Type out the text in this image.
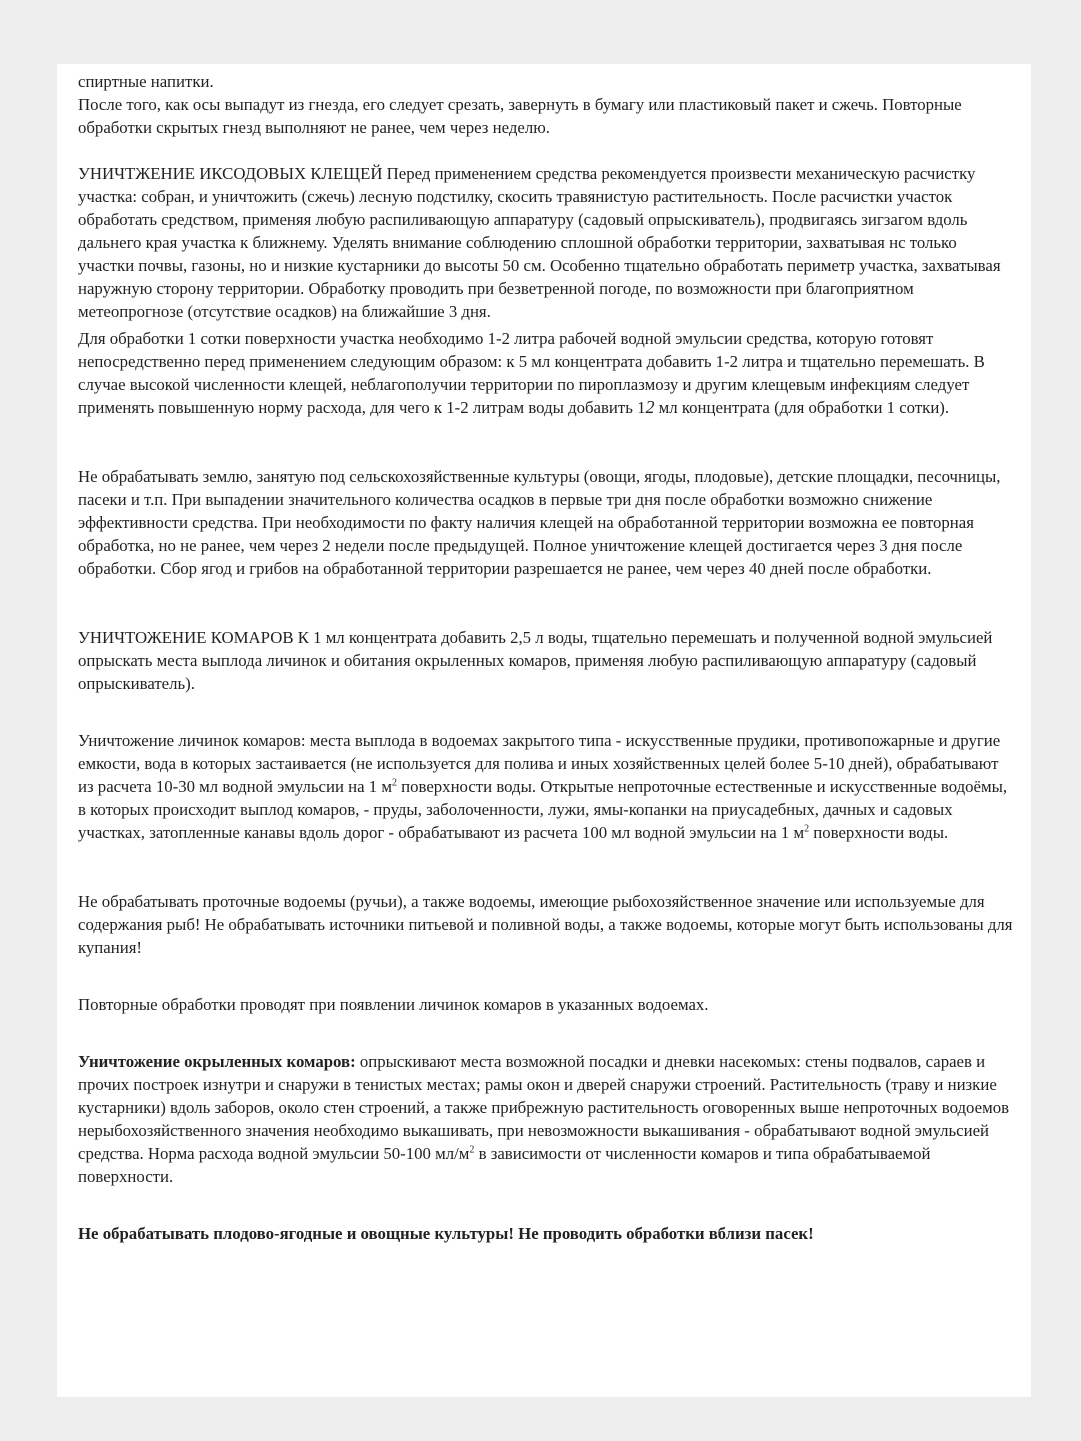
спиртные напитки.
После того, как осы выпадут из гнезда, его следует срезать, завернуть в бумагу или пластиковый пакет и сжечь. Повторные обработки скрытых гнезд выполняют не ранее, чем через неделю.

УНИЧТЖЕНИЕ ИКСОДОВЫХ КЛЕЩЕЙ Перед применением средства рекомендуется произвести механическую расчистку участка: собран, и уничтожить (сжечь) лесную подстилку, скосить травянистую растительность. После расчистки участок обработать средством, применяя любую распиливающую аппаратуру (садовый опрыскиватель), продвигаясь зигзагом вдоль дальнего края участка к ближнему. Уделять внимание соблюдению сплошной обработки территории, захватывая нс только участки почвы, газоны, но и низкие кустарники до высоты 50 см. Особенно тщательно обработать периметр участка, захватывая наружную сторону территории. Обработку проводить при безветренной погоде, по возможности при благоприятном метеопрогнозе (отсутствие осадков) на ближайшие 3 дня.

Для обработки 1 сотки поверхности участка необходимо 1-2 литра рабочей водной эмульсии средства, которую готовят непосредственно перед применением следующим образом: к 5 мл концентрата добавить 1-2 литра и тщательно перемешать. В случае высокой численности клещей, неблагополучии территории по пироплазмозу и другим клещевым инфекциям следует применять повышенную норму расхода, для чего к 1-2 литрам воды добавить 12 мл концентрата (для обработки 1 сотки).

Не обрабатывать землю, занятую под сельскохозяйственные культуры (овощи, ягоды, плодовые), детские площадки, песочницы, пасеки и т.п. При выпадении значительного количества осадков в первые три дня после обработки возможно снижение эффективности средства. При необходимости по факту наличия клещей на обработанной территории возможна ее повторная обработка, но не ранее, чем через 2 недели после предыдущей. Полное уничтожение клещей достигается через 3 дня после обработки. Сбор ягод и грибов на обработанной территории разрешается не ранее, чем через 40 дней после обработки.

УНИЧТОЖЕНИЕ КОМАРОВ К 1 мл концентрата добавить 2,5 л воды, тщательно перемешать и полученной водной эмульсией опрыскать места выплода личинок и обитания окрыленных комаров, применяя любую распиливающую аппаратуру (садовый опрыскиватель).

Уничтожение личинок комаров: места выплода в водоемах закрытого типа - искусственные прудики, противопожарные и другие емкости, вода в которых застаивается (не используется для полива и иных хозяйственных целей более 5-10 дней), обрабатывают из расчета 10-30 мл водной эмульсии на 1 $м^2$ поверхности воды. Открытые непроточные естественные и искусственные водоёмы, в которых происходит выплод комаров, - пруды, заболоченности, лужи, ямы-копанки на приусадебных, дачных и садовых участках, затопленные канавы вдоль дорог - обрабатывают из расчета 100 мл водной эмульсии на 1 $м^2$ поверхности воды.

Не обрабатывать проточные водоемы (ручьи), а также водоемы, имеющие рыбохозяйственное значение или используемые для содержания рыб! Не обрабатывать источники питьевой и поливной воды, а также водоемы, которые могут быть использованы для купания!

Повторные обработки проводят при появлении личинок комаров в указанных водоемах.

Уничтожение окрыленных комаров: опрыскивают места возможной посадки и дневки насекомых: стены подвалов, сараев и прочих построек изнутри и снаружи в тенистых местах; рамы окон и дверей снаружи строений. Растительность (траву и низкие кустарники) вдоль заборов, около стен строений, а также прибрежную растительность оговоренных выше непроточных водоемов нерыбохозяйственного значения необходимо выкашивать, при невозможности выкашивания - обрабатывают водной эмульсией средства. Норма расхода водной эмульсии 50-100 $мл/м^2$ в зависимости от численности комаров и типа обрабатываемой поверхности.

Не обрабатывать плодово-ягодные и овощные культуры! Не проводить обработки вблизи пасек!
